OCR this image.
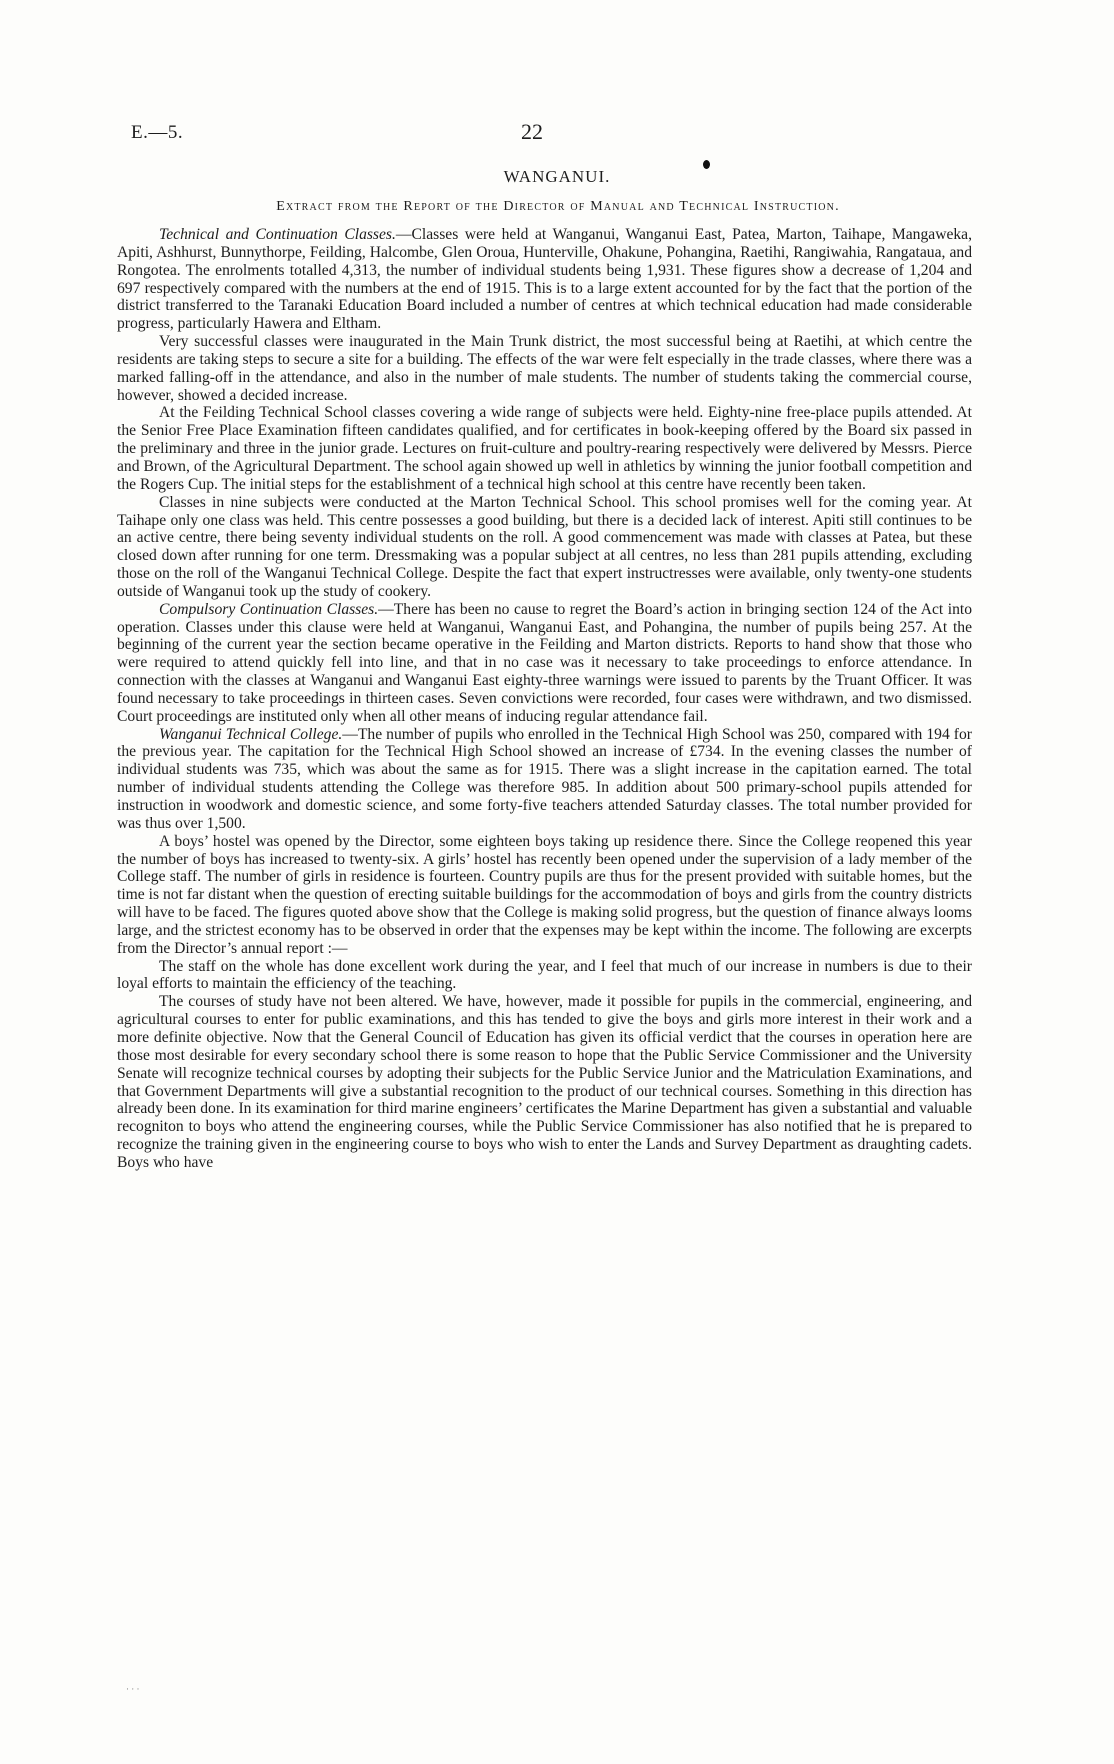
E.—5.	22
WANGANUI.
Extract from the Report of the Director of Manual and Technical Instruction.

Technical and Continuation Classes.—Classes were held at Wanganui, Wanganui East, Patea, Marton, Taihape, Mangaweka, Apiti, Ashhurst, Bunnythorpe, Feilding, Halcombe, Glen Oroua, Hunterville, Ohakune, Pohangina, Raetihi, Rangiwahia, Rangataua, and Rongotea. The enrolments totalled 4,313, the number of individual students being 1,931. These figures show a decrease of 1,204 and 697 respectively compared with the numbers at the end of 1915. This is to a large extent accounted for by the fact that the portion of the district transferred to the Taranaki Education Board included a number of centres at which technical education had made considerable progress, particularly Hawera and Eltham.

Very successful classes were inaugurated in the Main Trunk district, the most successful being at Raetihi, at which centre the residents are taking steps to secure a site for a building. The effects of the war were felt especially in the trade classes, where there was a marked falling-off in the attendance, and also in the number of male students. The number of students taking the commercial course, however, showed a decided increase.

At the Feilding Technical School classes covering a wide range of subjects were held. Eighty-nine free-place pupils attended. At the Senior Free Place Examination fifteen candidates qualified, and for certificates in book-keeping offered by the Board six passed in the preliminary and three in the junior grade. Lectures on fruit-culture and poultry-rearing respectively were delivered by Messrs. Pierce and Brown, of the Agricultural Department. The school again showed up well in athletics by winning the junior football competition and the Rogers Cup. The initial steps for the establishment of a technical high school at this centre have recently been taken.

Classes in nine subjects were conducted at the Marton Technical School. This school promises well for the coming year. At Taihape only one class was held. This centre possesses a good building, but there is a decided lack of interest. Apiti still continues to be an active centre, there being seventy individual students on the roll. A good commencement was made with classes at Patea, but these closed down after running for one term. Dressmaking was a popular subject at all centres, no less than 281 pupils attending, excluding those on the roll of the Wanganui Technical College. Despite the fact that expert instructresses were available, only twenty-one students outside of Wanganui took up the study of cookery.

Compulsory Continuation Classes.—There has been no cause to regret the Board’s action in bringing section 124 of the Act into operation. Classes under this clause were held at Wanganui, Wanganui East, and Pohangina, the number of pupils being 257. At the beginning of the current year the section became operative in the Feilding and Marton districts. Reports to hand show that those who were required to attend quickly fell into line, and that in no case was it necessary to take proceedings to enforce attendance. In connection with the classes at Wanganui and Wanganui East eighty-three warnings were issued to parents by the Truant Officer. It was found necessary to take proceedings in thirteen cases. Seven convictions were recorded, four cases were withdrawn, and two dismissed. Court proceedings are instituted only when all other means of inducing regular attendance fail.

Wanganui Technical College.—The number of pupils who enrolled in the Technical High School was 250, compared with 194 for the previous year. The capitation for the Technical High School showed an increase of £734. In the evening classes the number of individual students was 735, which was about the same as for 1915. There was a slight increase in the capitation earned. The total number of individual students attending the College was therefore 985. In addition about 500 primary-school pupils attended for instruction in woodwork and domestic science, and some forty-five teachers attended Saturday classes. The total number provided for was thus over 1,500.

A boys’ hostel was opened by the Director, some eighteen boys taking up residence there. Since the College reopened this year the number of boys has increased to twenty-six. A girls’ hostel has recently been opened under the supervision of a lady member of the College staff. The number of girls in residence is fourteen. Country pupils are thus for the present provided with suitable homes, but the time is not far distant when the question of erecting suitable buildings for the accommodation of boys and girls from the country districts will have to be faced. The figures quoted above show that the College is making solid progress, but the question of finance always looms large, and the strictest economy has to be observed in order that the expenses may be kept within the income. The following are excerpts from the Director’s annual report :—

The staff on the whole has done excellent work during the year, and I feel that much of our increase in numbers is due to their loyal efforts to maintain the efficiency of the teaching.

The courses of study have not been altered. We have, however, made it possible for pupils in the commercial, engineering, and agricultural courses to enter for public examinations, and this has tended to give the boys and girls more interest in their work and a more definite objective. Now that the General Council of Education has given its official verdict that the courses in operation here are those most desirable for every secondary school there is some reason to hope that the Public Service Commissioner and the University Senate will recognize technical courses by adopting their subjects for the Public Service Junior and the Matriculation Examinations, and that Government Departments will give a substantial recognition to the product of our technical courses. Something in this direction has already been done. In its examination for third marine engineers’ certificates the Marine Department has given a substantial and valuable recogniton to boys who attend the engineering courses, while the Public Service Commissioner has also notified that he is prepared to recognize the training given in the engineering course to boys who wish to enter the Lands and Survey Department as draughting cadets. Boys who have

· · ·
